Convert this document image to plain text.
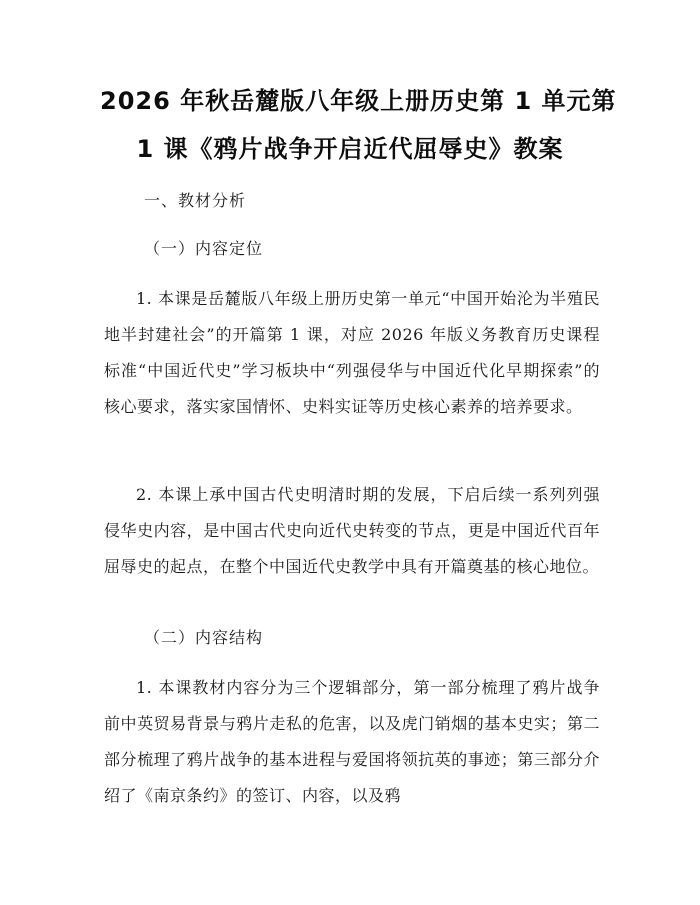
2026 年秋岳麓版八年级上册历史第 1 单元第
1 课《鸦片战争开启近代屈辱史》教案
一、教材分析
（一）内容定位
1. 本课是岳麓版八年级上册历史第一单元“中国开始沦为半殖民地半封建社会”的开篇第 1 课，对应 2026 年版义务教育历史课程标准“中国近代史”学习板块中“列强侵华与中国近代化早期探索”的核心要求，落实家国情怀、史料实证等历史核心素养的培养要求。
2. 本课上承中国古代史明清时期的发展，下启后续一系列列强侵华史内容，是中国古代史向近代史转变的节点，更是中国近代百年屈辱史的起点，在整个中国近代史教学中具有开篇奠基的核心地位。
（二）内容结构
1. 本课教材内容分为三个逻辑部分，第一部分梳理了鸦片战争前中英贸易背景与鸦片走私的危害，以及虎门销烟的基本史实；第二部分梳理了鸦片战争的基本进程与爱国将领抗英的事迹；第三部分介绍了《南京条约》的签订、内容，以及鸦
